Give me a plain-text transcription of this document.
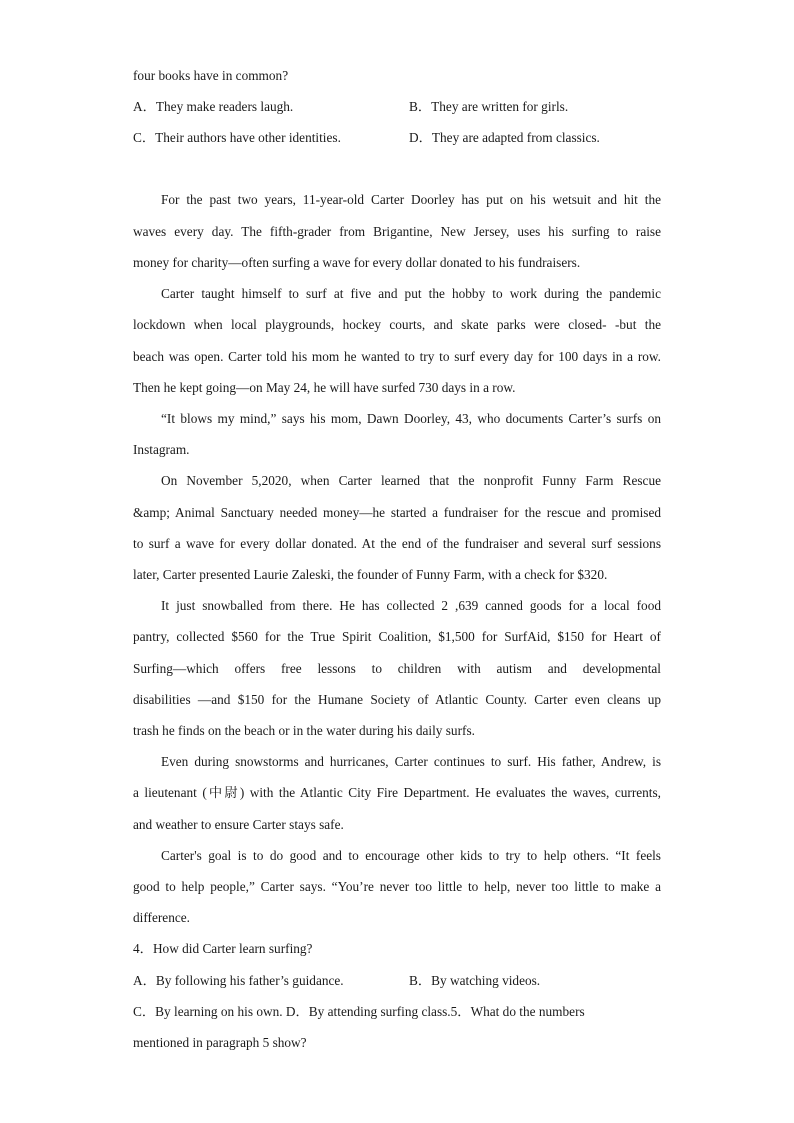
four books have in common?
A．They make readers laugh.	B．They are written for girls.
C．Their authors have other identities.	D．They are adapted from classics.
For the past two years, 11-year-old Carter Doorley has put on his wetsuit and hit the
waves every day. The fifth-grader from Brigantine, New Jersey, uses his surfing to raise
money for charity—often surfing a wave for every dollar donated to his fundraisers.
Carter taught himself to surf at five and put the hobby to work during the pandemic
lockdown when local playgrounds, hockey courts, and skate parks were closed- -but the
beach was open. Carter told his mom he wanted to try to surf every day for 100 days in a row.
Then he kept going—on May 24, he will have surfed 730 days in a row.
“It blows my mind,” says his mom, Dawn Doorley, 43, who documents Carter’s surfs on
Instagram.
On November 5,2020, when Carter learned that the nonprofit Funny Farm Rescue
&amp; Animal Sanctuary needed money—he started a fundraiser for the rescue and promised
to surf a wave for every dollar donated. At the end of the fundraiser and several surf sessions
later, Carter presented Laurie Zaleski, the founder of Funny Farm, with a check for $320.
It just snowballed from there. He has collected 2 ,639 canned goods for a local food
pantry, collected $560 for the True Spirit Coalition, $1,500 for SurfAid, $150 for Heart of
Surfing—which offers free lessons to children with autism and developmental
disabilities —and $150 for the Humane Society of Atlantic County. Carter even cleans up
trash he finds on the beach or in the water during his daily surfs.
Even during snowstorms and hurricanes, Carter continues to surf. His father, Andrew, is
a lieutenant (中尉) with the Atlantic City Fire Department. He evaluates the waves, currents,
and weather to ensure Carter stays safe.
Carter's goal is to do good and to encourage other kids to try to help others. “It feels
good to help people,” Carter says. “You’re never too little to help, never too little to make a
difference.
4．How did Carter learn surfing?
A．By following his father’s guidance.	B．By watching videos.
C．By learning on his own. D．By attending surfing class.5．What do the numbers
mentioned in paragraph 5 show?
